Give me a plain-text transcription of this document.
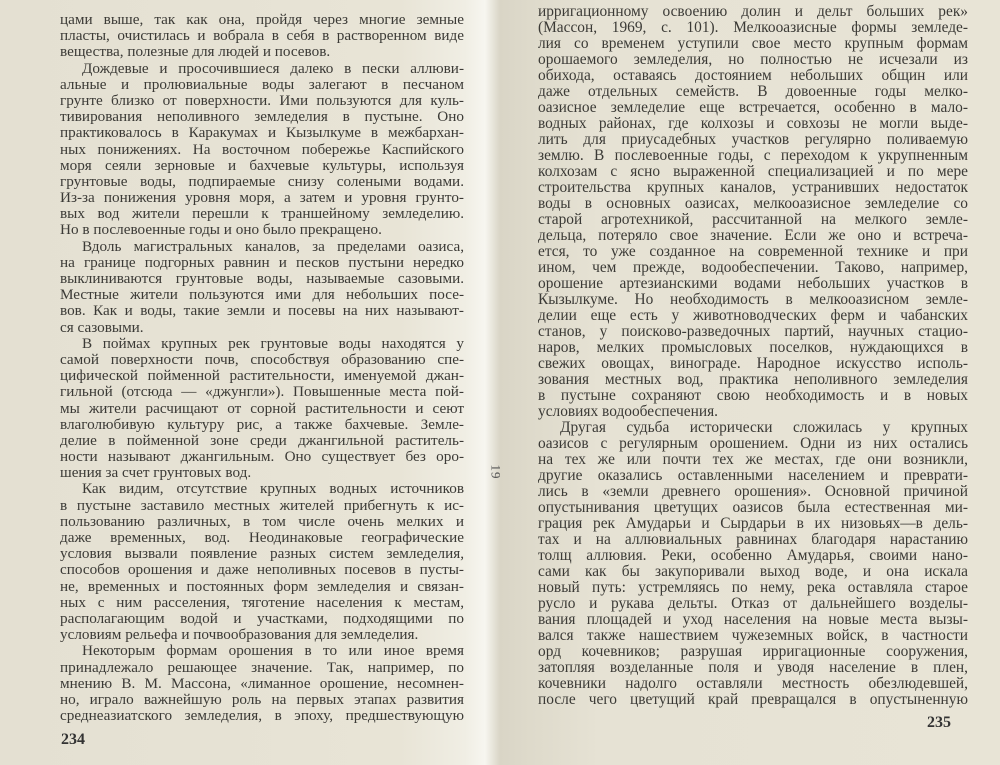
цами выше, так как она, пройдя через многие земные
пласты, очистилась и вобрала в себя в растворенном виде
вещества, полезные для людей и посевов.
Дождевые и просочившиеся далеко в пески аллюви-
альные и пролювиальные воды залегают в песчаном
грунте близко от поверхности. Ими пользуются для куль-
тивирования неполивного земледелия в пустыне. Оно
практиковалось в Каракумах и Кызылкуме в межбархан-
ных понижениях. На восточном побережье Каспийского
моря сеяли зерновые и бахчевые культуры, используя
грунтовые воды, подпираемые снизу солеными водами.
Из-за понижения уровня моря, а затем и уровня грунто-
вых вод жители перешли к траншейному земледелию.
Но в послевоенные годы и оно было прекращено.
Вдоль магистральных каналов, за пределами оазиса,
на границе подгорных равнин и песков пустыни нередко
выклиниваются грунтовые воды, называемые сазовыми.
Местные жители пользуются ими для небольших посе-
вов. Как и воды, такие земли и посевы на них называют-
ся сазовыми.
В поймах крупных рек грунтовые воды находятся у
самой поверхности почв, способствуя образованию спе-
цифической пойменной растительности, именуемой джан-
гильной (отсюда — «джунгли»). Повышенные места пой-
мы жители расчищают от сорной растительности и сеют
влаголюбивую культуру рис, а также бахчевые. Земле-
делие в пойменной зоне среди джангильной раститель-
ности называют джангильным. Оно существует без оро-
шения за счет грунтовых вод.
Как видим, отсутствие крупных водных источников
в пустыне заставило местных жителей прибегнуть к ис-
пользованию различных, в том числе очень мелких и
даже временных, вод. Неодинаковые географические
условия вызвали появление разных систем земледелия,
способов орошения и даже неполивных посевов в пусты-
не, временных и постоянных форм земледелия и связан-
ных с ним расселения, тяготение населения к местам,
располагающим водой и участками, подходящими по
условиям рельефа и почвообразования для земледелия.
Некоторым формам орошения в то или иное время
принадлежало решающее значение. Так, например, по
мнению В. М. Массона, «лиманное орошение, несомнен-
но, играло важнейшую роль на первых этапах развития
среднеазиатского земледелия, в эпоху, предшествующую
234
19
ирригационному освоению долин и дельт больших рек»
(Массон, 1969, с. 101). Мелкооазисные формы земледе-
лия со временем уступили свое место крупным формам
орошаемого земледелия, но полностью не исчезали из
обихода, оставаясь достоянием небольших общин или
даже отдельных семейств. В довоенные годы мелко-
оазисное земледелие еще встречается, особенно в мало-
водных районах, где колхозы и совхозы не могли выде-
лить для приусадебных участков регулярно поливаемую
землю. В послевоенные годы, с переходом к укрупненным
колхозам с ясно выраженной специализацией и по мере
строительства крупных каналов, устранивших недостаток
воды в основных оазисах, мелкооазисное земледелие со
старой агротехникой, рассчитанной на мелкого земле-
дельца, потеряло свое значение. Если же оно и встреча-
ется, то уже созданное на современной технике и при
ином, чем прежде, водообеспечении. Таково, например,
орошение артезианскими водами небольших участков в
Кызылкуме. Но необходимость в мелкооазисном земле-
делии еще есть у животноводческих ферм и чабанских
станов, у поисково-разведочных партий, научных стацио-
наров, мелких промысловых поселков, нуждающихся в
свежих овощах, винограде. Народное искусство исполь-
зования местных вод, практика неполивного земледелия
в пустыне сохраняют свою необходимость и в новых
условиях водообеспечения.
Другая судьба исторически сложилась у крупных
оазисов с регулярным орошением. Одни из них остались
на тех же или почти тех же местах, где они возникли,
другие оказались оставленными населением и преврати-
лись в «земли древнего орошения». Основной причиной
опустынивания цветущих оазисов была естественная ми-
грация рек Амударьи и Сырдарьи в их низовьях—в дель-
тах и на аллювиальных равнинах благодаря нарастанию
толщ аллювия. Реки, особенно Амударья, своими нано-
сами как бы закупоривали выход воде, и она искала
новый путь: устремляясь по нему, река оставляла старое
русло и рукава дельты. Отказ от дальнейшего возделы-
вания площадей и уход населения на новые места вызы-
вался также нашествием чужеземных войск, в частности
орд кочевников; разрушая ирригационные сооружения,
затопляя возделанные поля и уводя население в плен,
кочевники надолго оставляли местность обезлюдевшей,
после чего цветущий край превращался в опустыненную
235
